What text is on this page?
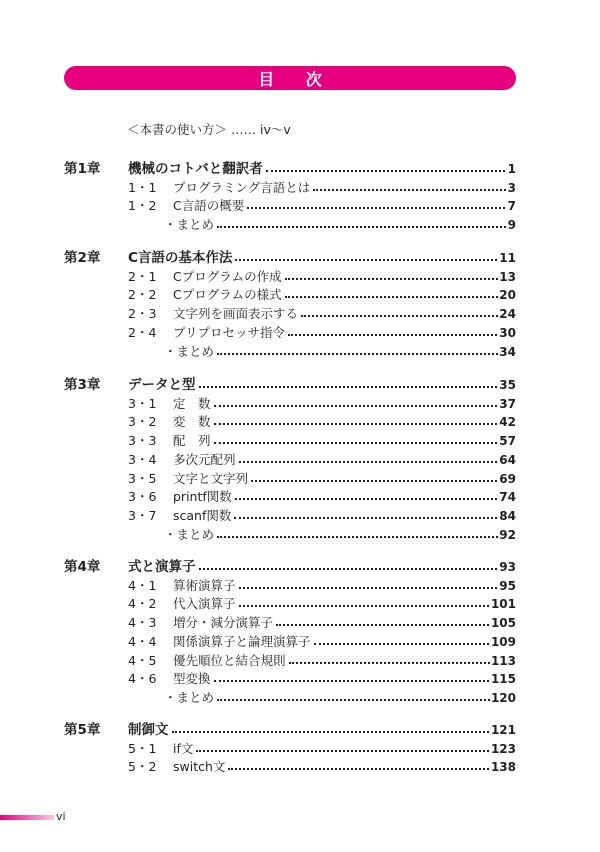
目 次
＜本書の使い方＞ …… iv～v
第1章 機械のコトバと翻訳者	1
1・1 プログラミング言語とは	3
1・2 C言語の概要	7
・まとめ	9
第2章 C言語の基本作法	11
2・1 Cプログラムの作成	13
2・2 Cプログラムの様式	20
2・3 文字列を画面表示する	24
2・4 プリプロセッサ指令	30
・まとめ	34
第3章 データと型	35
3・1 定　数	37
3・2 変　数	42
3・3 配　列	57
3・4 多次元配列	64
3・5 文字と文字列	69
3・6 printf関数	74
3・7 scanf関数	84
・まとめ	92
第4章 式と演算子	93
4・1 算術演算子	95
4・2 代入演算子	101
4・3 増分・減分演算子	105
4・4 関係演算子と論理演算子	109
4・5 優先順位と結合規則	113
4・6 型変換	115
・まとめ	120
第5章 制御文	121
5・1 if文	123
5・2 switch文	138
vi
